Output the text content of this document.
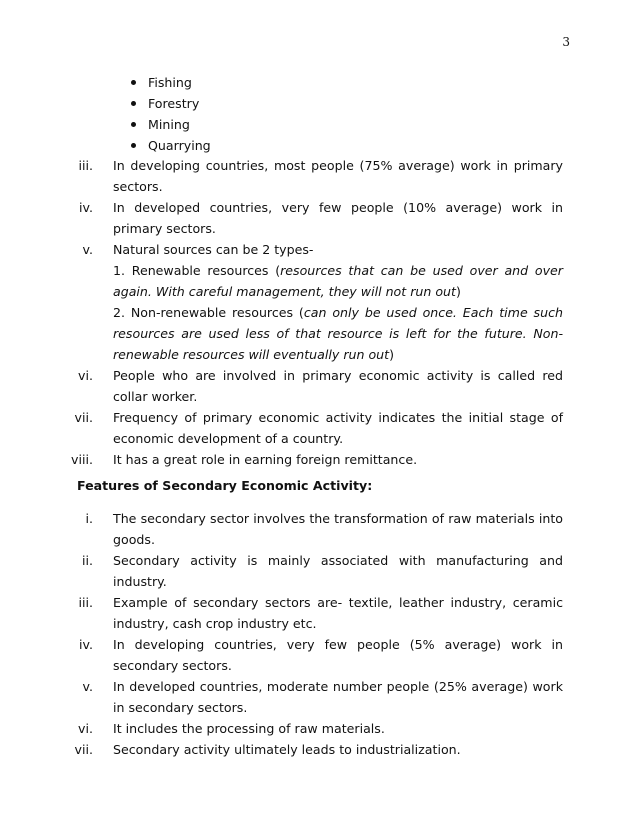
3
Fishing
Forestry
Mining
Quarrying
iii. In developing countries, most people (75% average) work in primary sectors.
iv. In developed countries, very few people (10% average) work in primary sectors.
v. Natural sources can be 2 types-

1. Renewable resources (resources that can be used over and over again. With careful management, they will not run out)

2. Non-renewable resources (can only be used once. Each time such resources are used less of that resource is left for the future. Non-renewable resources will eventually run out)

vi. People who are involved in primary economic activity is called red collar worker.
vii. Frequency of primary economic activity indicates the initial stage of economic development of a country.
viii. It has a great role in earning foreign remittance.
Features of Secondary Economic Activity:
i. The secondary sector involves the transformation of raw materials into goods.
ii. Secondary activity is mainly associated with manufacturing and industry.
iii. Example of secondary sectors are- textile, leather industry, ceramic industry, cash crop industry etc.
iv. In developing countries, very few people (5% average) work in secondary sectors.
v. In developed countries, moderate number people (25% average) work in secondary sectors.
vi. It includes the processing of raw materials.
vii. Secondary activity ultimately leads to industrialization.
